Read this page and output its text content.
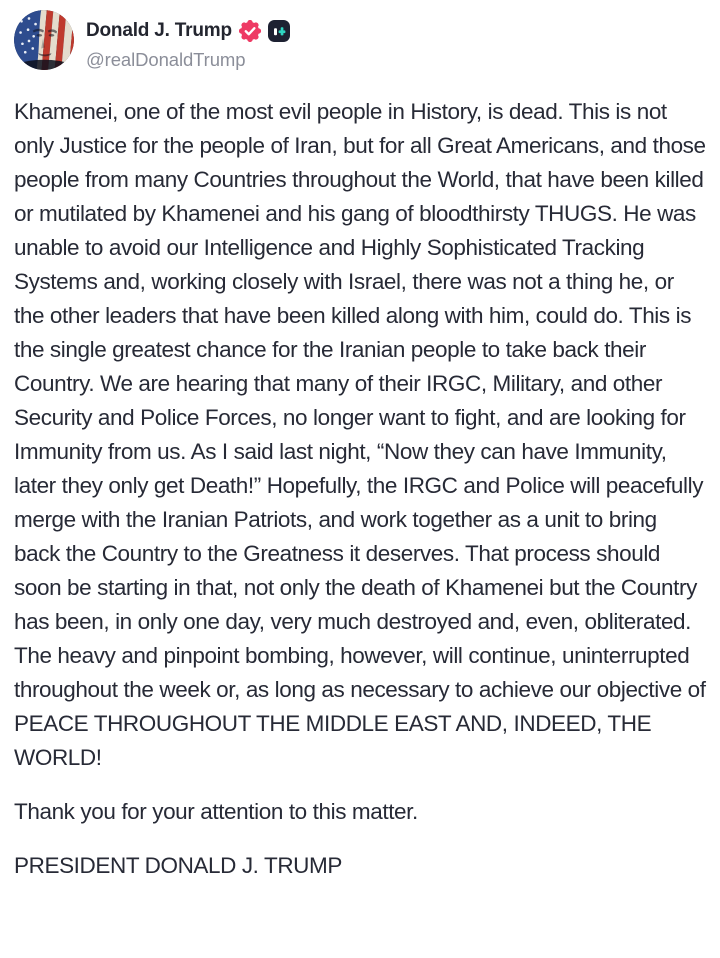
Donald J. Trump
@realDonaldTrump

Khamenei, one of the most evil people in History, is dead. This is not only Justice for the people of Iran, but for all Great Americans, and those people from many Countries throughout the World, that have been killed or mutilated by Khamenei and his gang of bloodthirsty THUGS. He was unable to avoid our Intelligence and Highly Sophisticated Tracking Systems and, working closely with Israel, there was not a thing he, or the other leaders that have been killed along with him, could do. This is the single greatest chance for the Iranian people to take back their Country. We are hearing that many of their IRGC, Military, and other Security and Police Forces, no longer want to fight, and are looking for Immunity from us. As I said last night, “Now they can have Immunity, later they only get Death!” Hopefully, the IRGC and Police will peacefully merge with the Iranian Patriots, and work together as a unit to bring back the Country to the Greatness it deserves. That process should soon be starting in that, not only the death of Khamenei but the Country has been, in only one day, very much destroyed and, even, obliterated. The heavy and pinpoint bombing, however, will continue, uninterrupted throughout the week or, as long as necessary to achieve our objective of PEACE THROUGHOUT THE MIDDLE EAST AND, INDEED, THE WORLD!

Thank you for your attention to this matter.

PRESIDENT DONALD J. TRUMP
